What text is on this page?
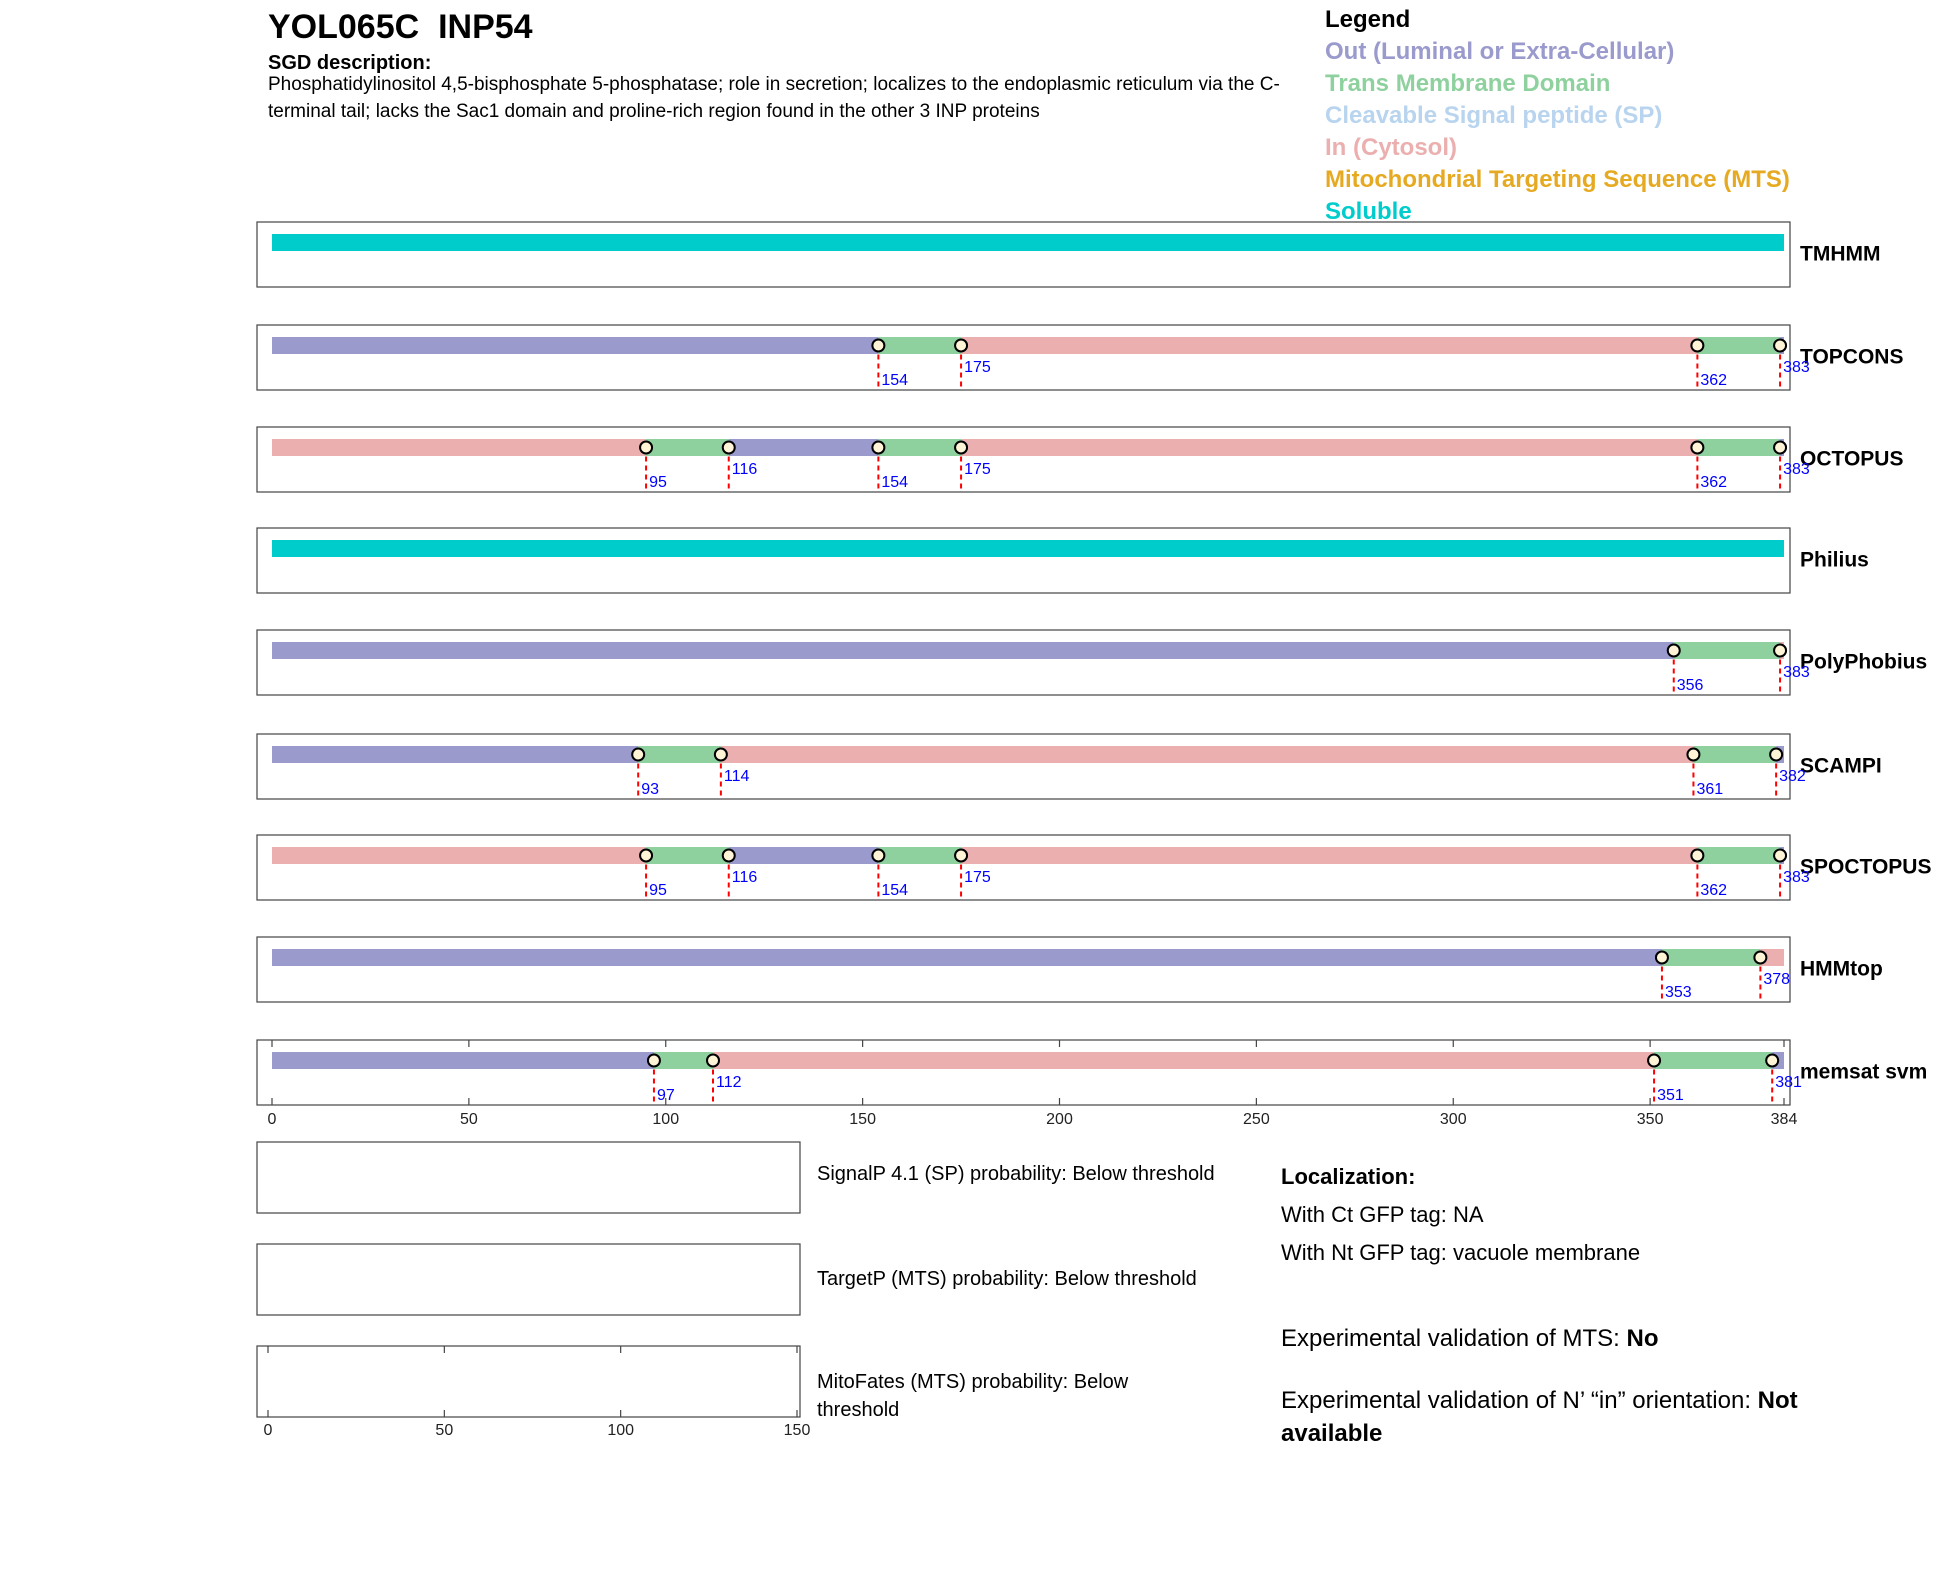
YOL065C INP54
SGD description:
Phosphatidylinositol 4,5-bisphosphate 5-phosphatase; role in secretion; localizes to the endoplasmic reticulum via the C-terminal tail; lacks the Sac1 domain and proline-rich region found in the other 3 INP proteins
Legend
Out (Luminal or Extra-Cellular)
Trans Membrane Domain
Cleavable Signal peptide (SP)
In (Cytosol)
Mitochondrial Targeting Sequence (MTS)
Soluble
TMHMM
TOPCONS
154
175
362
383
OCTOPUS
95
116
154
175
362
383
Philius
PolyPhobius
356
383
SCAMPI
93
114
361
382
SPOCTOPUS
95
116
154
175
362
383
HMMtop
353
378
memsat svm
97
112
351
381
0	50	100	150	200	250	300	350	384
0	50	100	150
SignalP 4.1 (SP) probability: Below threshold
TargetP (MTS) probability: Below threshold
MitoFates (MTS) probability: Below
threshold
Localization:
With Ct GFP tag: NA
With Nt GFP tag: vacuole membrane
Experimental validation of MTS: No
Experimental validation of N’ “in” orientation: Not
available
